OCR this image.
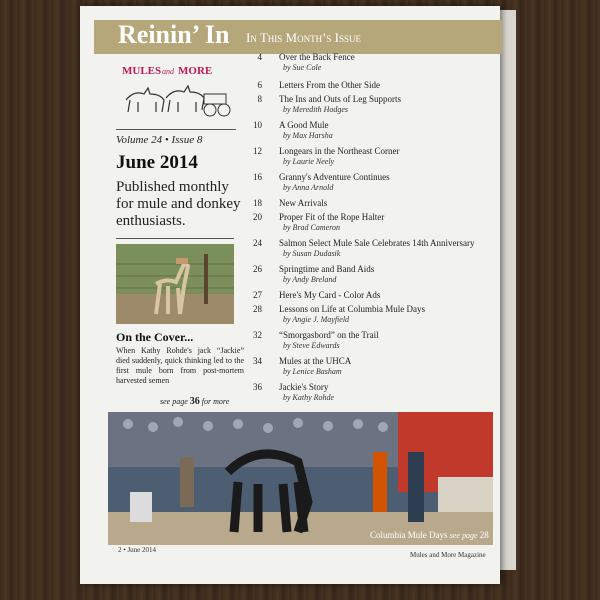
Reinin’ In In This Month’s Issue
MULES and MORE
Volume 24 • Issue 8
June 2014
Published monthly for mule and donkey enthusiasts.
On the Cover...
When Kathy Rohde's jack “Jackie” died suddenly, quick thinking led to the first mule born from post-mortem harvested semen
see page 36 for more
4 Over the Back Fence
by Sue Cole
6 Letters From the Other Side
8 The Ins and Outs of Leg Supports
by Meredith Hodges
10 A Good Mule
by Max Harsha
12 Longears in the Northeast Corner
by Laurie Neely
16 Granny's Adventure Continues
by Anna Arnold
18 New Arrivals
20 Proper Fit of the Rope Halter
by Brad Cameron
24 Salmon Select Mule Sale Celebrates 14th Anniversary
by Susan Dudasik
26 Springtime and Band Aids
by Andy Breland
27 Here's My Card - Color Ads
28 Lessons on Life at Columbia Mule Days
by Angie J. Mayfield
32 “Smorgasbord” on the Trail
by Steve Edwards
34 Mules at the UHCA
by Lenice Basham
36 Jackie's Story
by Kathy Rohde
Columbia Mule Days see page 28
2 • June 2014
Mules and More Magazine
